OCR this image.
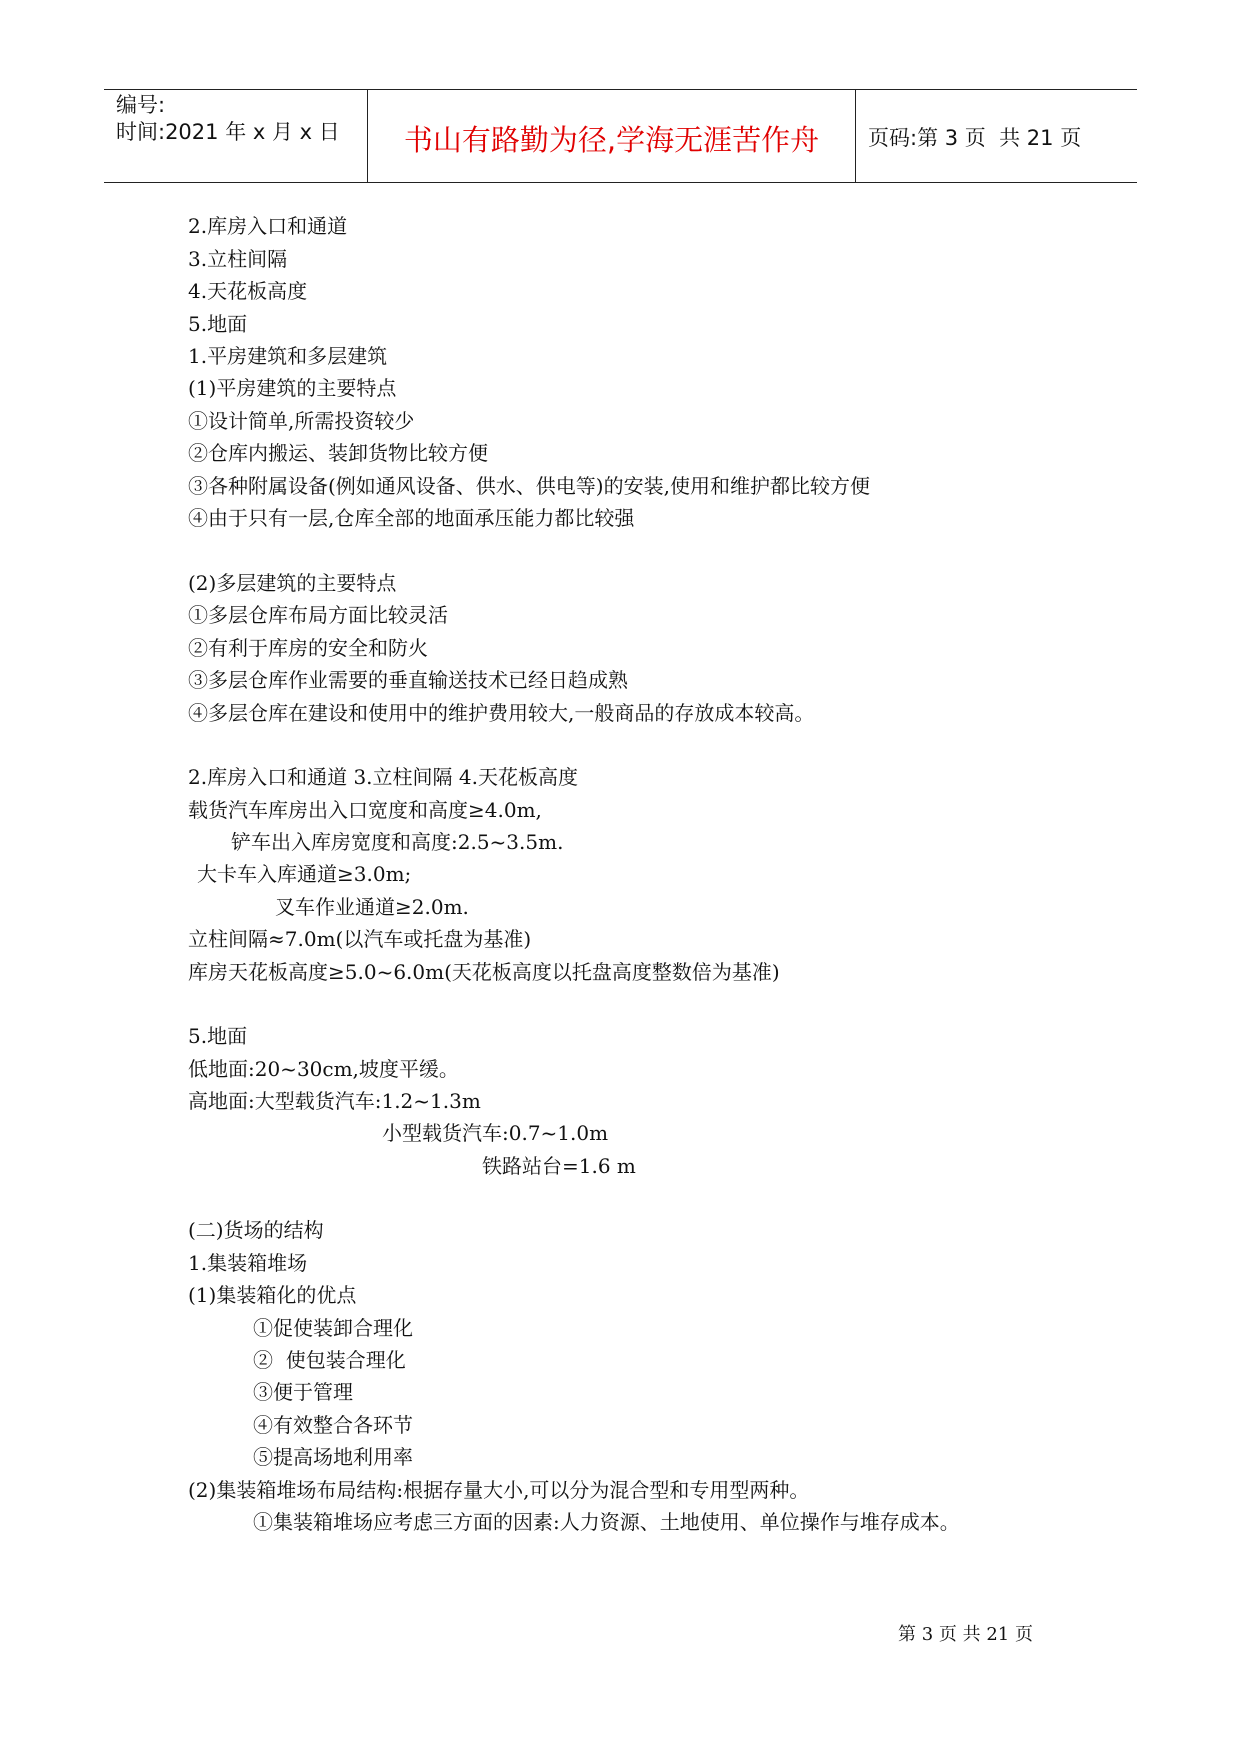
编号:
时间:2021 年 x 月 x 日	书山有路勤为径,学海无涯苦作舟	页码:第 3 页  共 21 页
2.库房入口和通道
3.立柱间隔
4.天花板高度
5.地面
1.平房建筑和多层建筑
(1)平房建筑的主要特点
①设计简单,所需投资较少
②仓库内搬运、装卸货物比较方便
③各种附属设备(例如通风设备、供水、供电等)的安装,使用和维护都比较方便
④由于只有一层,仓库全部的地面承压能力都比较强
(2)多层建筑的主要特点
①多层仓库布局方面比较灵活
②有利于库房的安全和防火
③多层仓库作业需要的垂直输送技术已经日趋成熟
④多层仓库在建设和使用中的维护费用较大,一般商品的存放成本较高。
2.库房入口和通道 3.立柱间隔 4.天花板高度
载货汽车库房出入口宽度和高度≥4.0m,
铲车出入库房宽度和高度:2.5~3.5m.
大卡车入库通道≥3.0m;
叉车作业通道≥2.0m.
立柱间隔≈7.0m(以汽车或托盘为基准)
库房天花板高度≥5.0~6.0m(天花板高度以托盘高度整数倍为基准)
5.地面
低地面:20~30cm,坡度平缓。
高地面:大型载货汽车:1.2~1.3m
小型载货汽车:0.7~1.0m
铁路站台=1.6 m
(二)货场的结构
1.集装箱堆场
(1)集装箱化的优点
①促使装卸合理化
②  使包装合理化
③便于管理
④有效整合各环节
⑤提高场地利用率
(2)集装箱堆场布局结构:根据存量大小,可以分为混合型和专用型两种。
①集装箱堆场应考虑三方面的因素:人力资源、土地使用、单位操作与堆存成本。
第 3 页 共 21 页
